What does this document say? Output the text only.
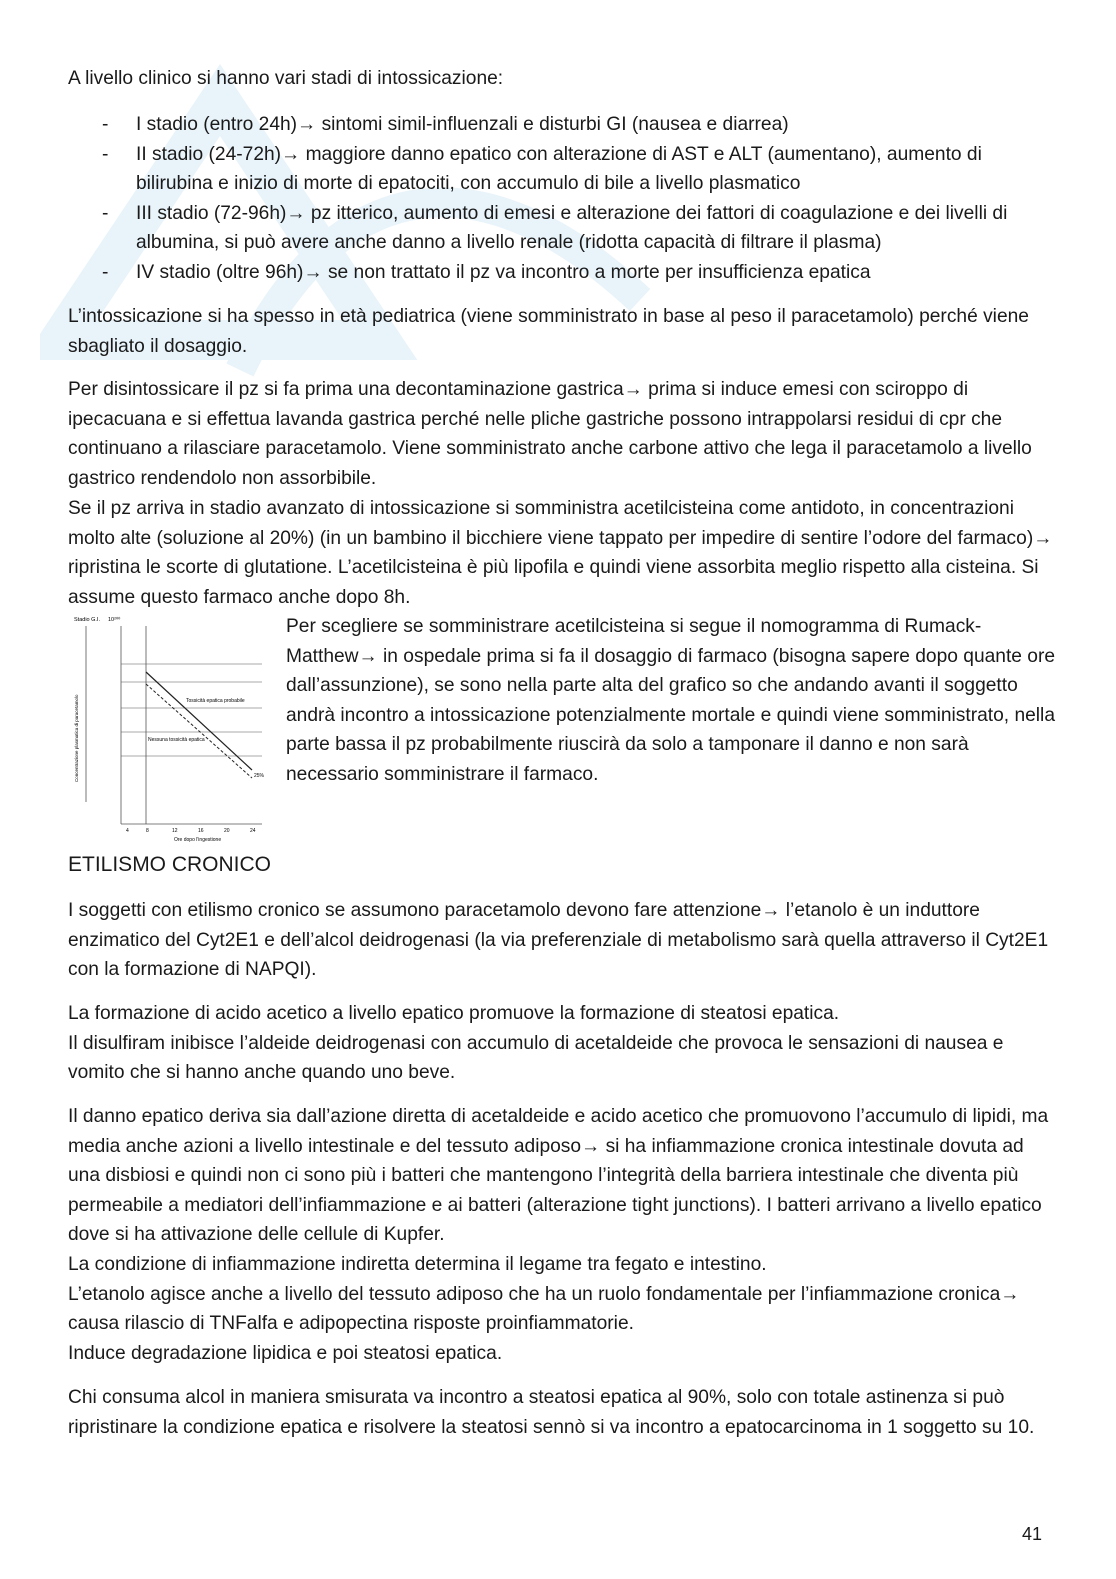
A livello clinico si hanno vari stadi di intossicazione:
- I stadio (entro 24h)→ sintomi simil-influenzali e disturbi GI (nausea e diarrea)
- II stadio (24-72h)→ maggiore danno epatico con alterazione di AST e ALT (aumentano), aumento di bilirubina e inizio di morte di epatociti, con accumulo di bile a livello plasmatico
- III stadio (72-96h)→ pz itterico, aumento di emesi e alterazione dei fattori di coagulazione e dei livelli di albumina, si può avere anche danno a livello renale (ridotta capacità di filtrare il plasma)
- IV stadio (oltre 96h)→ se non trattato il pz va incontro a morte per insufficienza epatica
L’intossicazione si ha spesso in età pediatrica (viene somministrato in base al peso il paracetamolo) perché viene sbagliato il dosaggio.
Per disintossicare il pz si fa prima una decontaminazione gastrica→ prima si induce emesi con sciroppo di ipecacuana e si effettua lavanda gastrica perché nelle pliche gastriche possono intrappolarsi residui di cpr che continuano a rilasciare paracetamolo. Viene somministrato anche carbone attivo che lega il paracetamolo a livello gastrico rendendolo non assorbibile.
Se il pz arriva in stadio avanzato di intossicazione si somministra acetilcisteina come antidoto, in concentrazioni molto alte (soluzione al 20%) (in un bambino il bicchiere viene tappato per impedire di sentire l’odore del farmaco)→ ripristina le scorte di glutatione. L’acetilcisteina è più lipofila e quindi viene assorbita meglio rispetto alla cisteina. Si assume questo farmaco anche dopo 8h.
Stadio G.I. 10²⁰⁰
Tossicità epatica probabile
Nessuna tossicità epatica
25%
Concentrazione plasmatica di paracetamolo
4	8	12	16	20	24
Ore dopo l'ingestione
Per scegliere se somministrare acetilcisteina si segue il nomogramma di Rumack-Matthew→ in ospedale prima si fa il dosaggio di farmaco (bisogna sapere dopo quante ore dall’assunzione), se sono nella parte alta del grafico so che andando avanti il soggetto andrà incontro a intossicazione potenzialmente mortale e quindi viene somministrato, nella parte bassa il pz probabilmente riuscirà da solo a tamponare il danno e non sarà necessario somministrare il farmaco.
ETILISMO CRONICO
I soggetti con etilismo cronico se assumono paracetamolo devono fare attenzione→ l’etanolo è un induttore enzimatico del Cyt2E1 e dell’alcol deidrogenasi (la via preferenziale di metabolismo sarà quella attraverso il Cyt2E1 con la formazione di NAPQI).

La formazione di acido acetico a livello epatico promuove la formazione di steatosi epatica.

Il disulfiram inibisce l’aldeide deidrogenasi con accumulo di acetaldeide che provoca le sensazioni di nausea e vomito che si hanno anche quando uno beve.

Il danno epatico deriva sia dall’azione diretta di acetaldeide e acido acetico che promuovono l’accumulo di lipidi, ma media anche azioni a livello intestinale e del tessuto adiposo→ si ha infiammazione cronica intestinale dovuta ad una disbiosi e quindi non ci sono più i batteri che mantengono l’integrità della barriera intestinale che diventa più permeabile a mediatori dell’infiammazione e ai batteri (alterazione tight junctions). I batteri arrivano a livello epatico dove si ha attivazione delle cellule di Kupfer.

La condizione di infiammazione indiretta determina il legame tra fegato e intestino.

L’etanolo agisce anche a livello del tessuto adiposo che ha un ruolo fondamentale per l’infiammazione cronica→ causa rilascio di TNFalfa e adipopectina risposte proinfiammatorie.

Induce degradazione lipidica e poi steatosi epatica.

Chi consuma alcol in maniera smisurata va incontro a steatosi epatica al 90%, solo con totale astinenza si può ripristinare la condizione epatica e risolvere la steatosi sennò si va incontro a epatocarcinoma in 1 soggetto su 10.
41
